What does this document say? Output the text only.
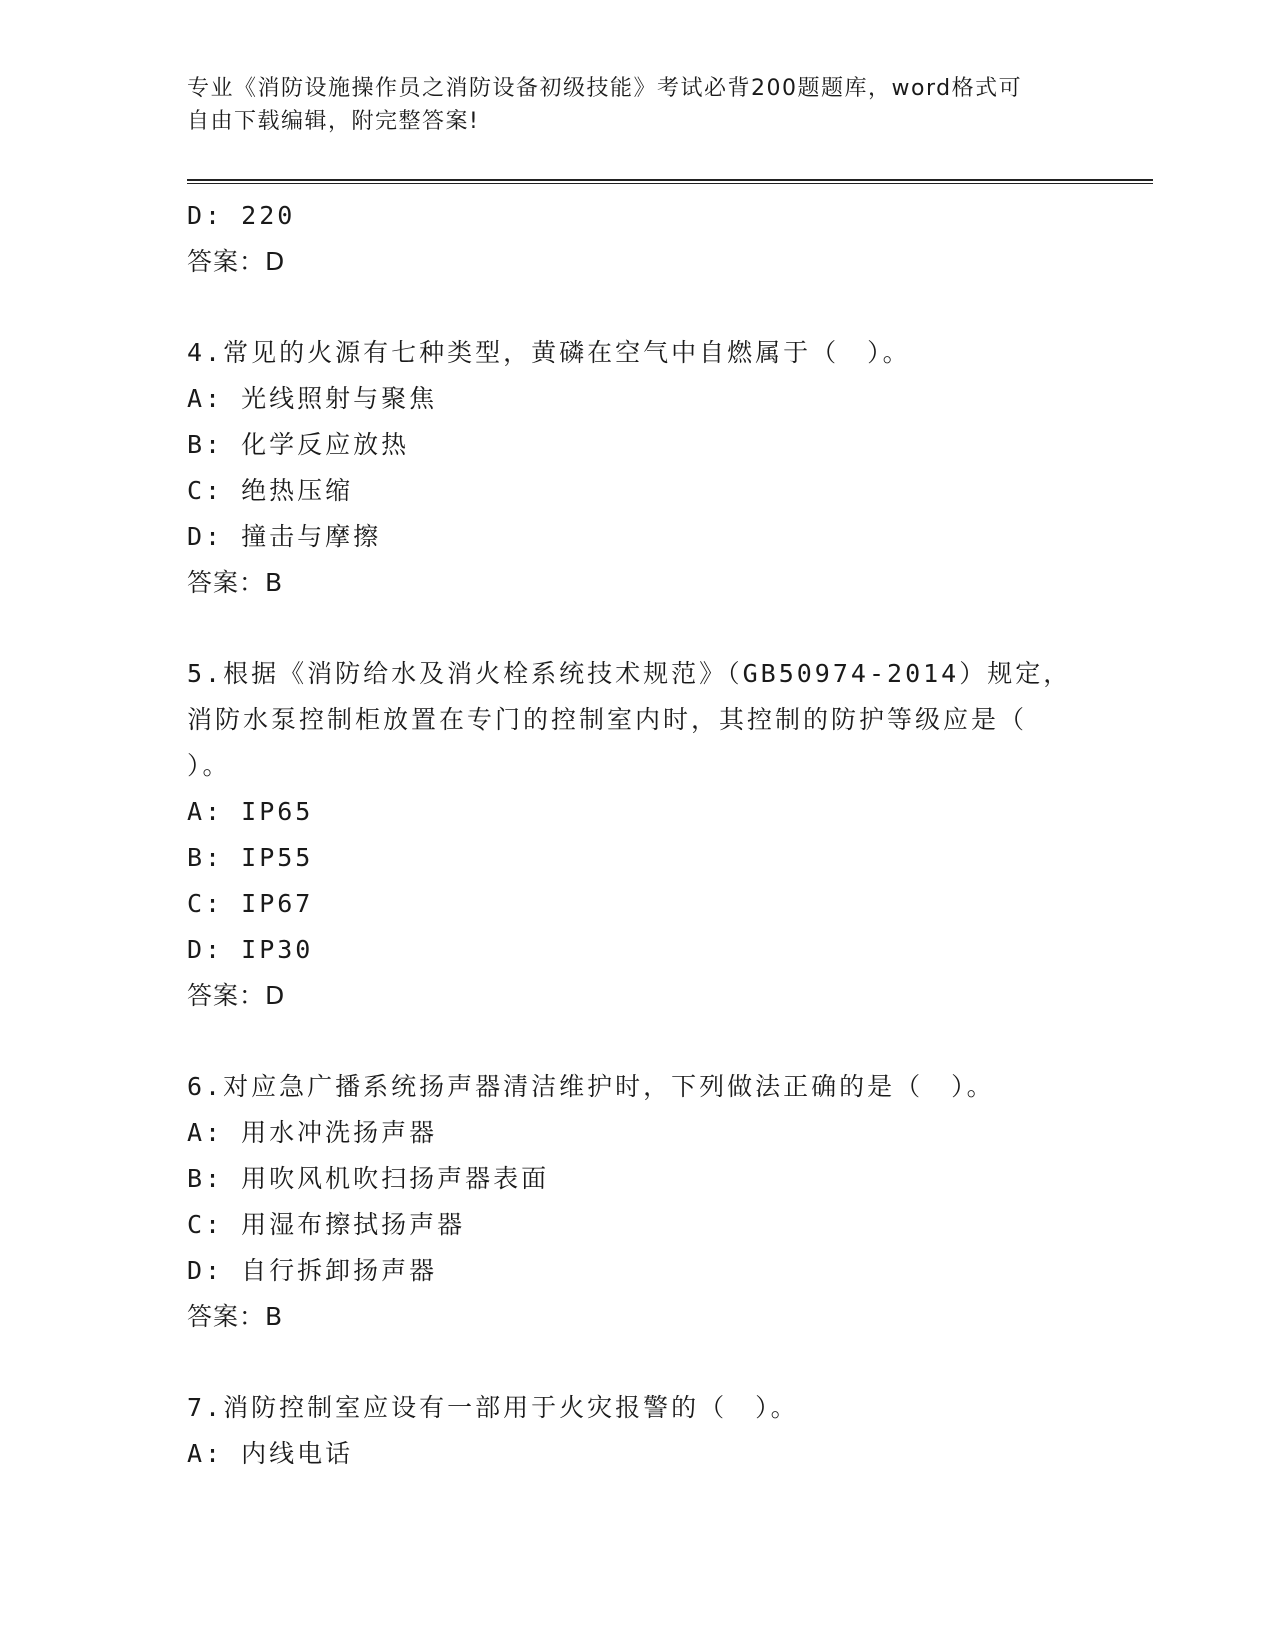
专业《消防设施操作员之消防设备初级技能》考试必背200题题库，word格式可
自由下载编辑，附完整答案!
D: 220
答案：D
4.常见的火源有七种类型，黄磷在空气中自燃属于（　）。
A: 光线照射与聚焦
B: 化学反应放热
C: 绝热压缩
D: 撞击与摩擦
答案：B
5.根据《消防给水及消火栓系统技术规范》（GB50974-2014）规定，
消防水泵控制柜放置在专门的控制室内时，其控制的防护等级应是（
）。
A: IP65
B: IP55
C: IP67
D: IP30
答案：D
6.对应急广播系统扬声器清洁维护时，下列做法正确的是（　）。
A: 用水冲洗扬声器
B: 用吹风机吹扫扬声器表面
C: 用湿布擦拭扬声器
D: 自行拆卸扬声器
答案：B
7.消防控制室应设有一部用于火灾报警的（　）。
A: 内线电话
